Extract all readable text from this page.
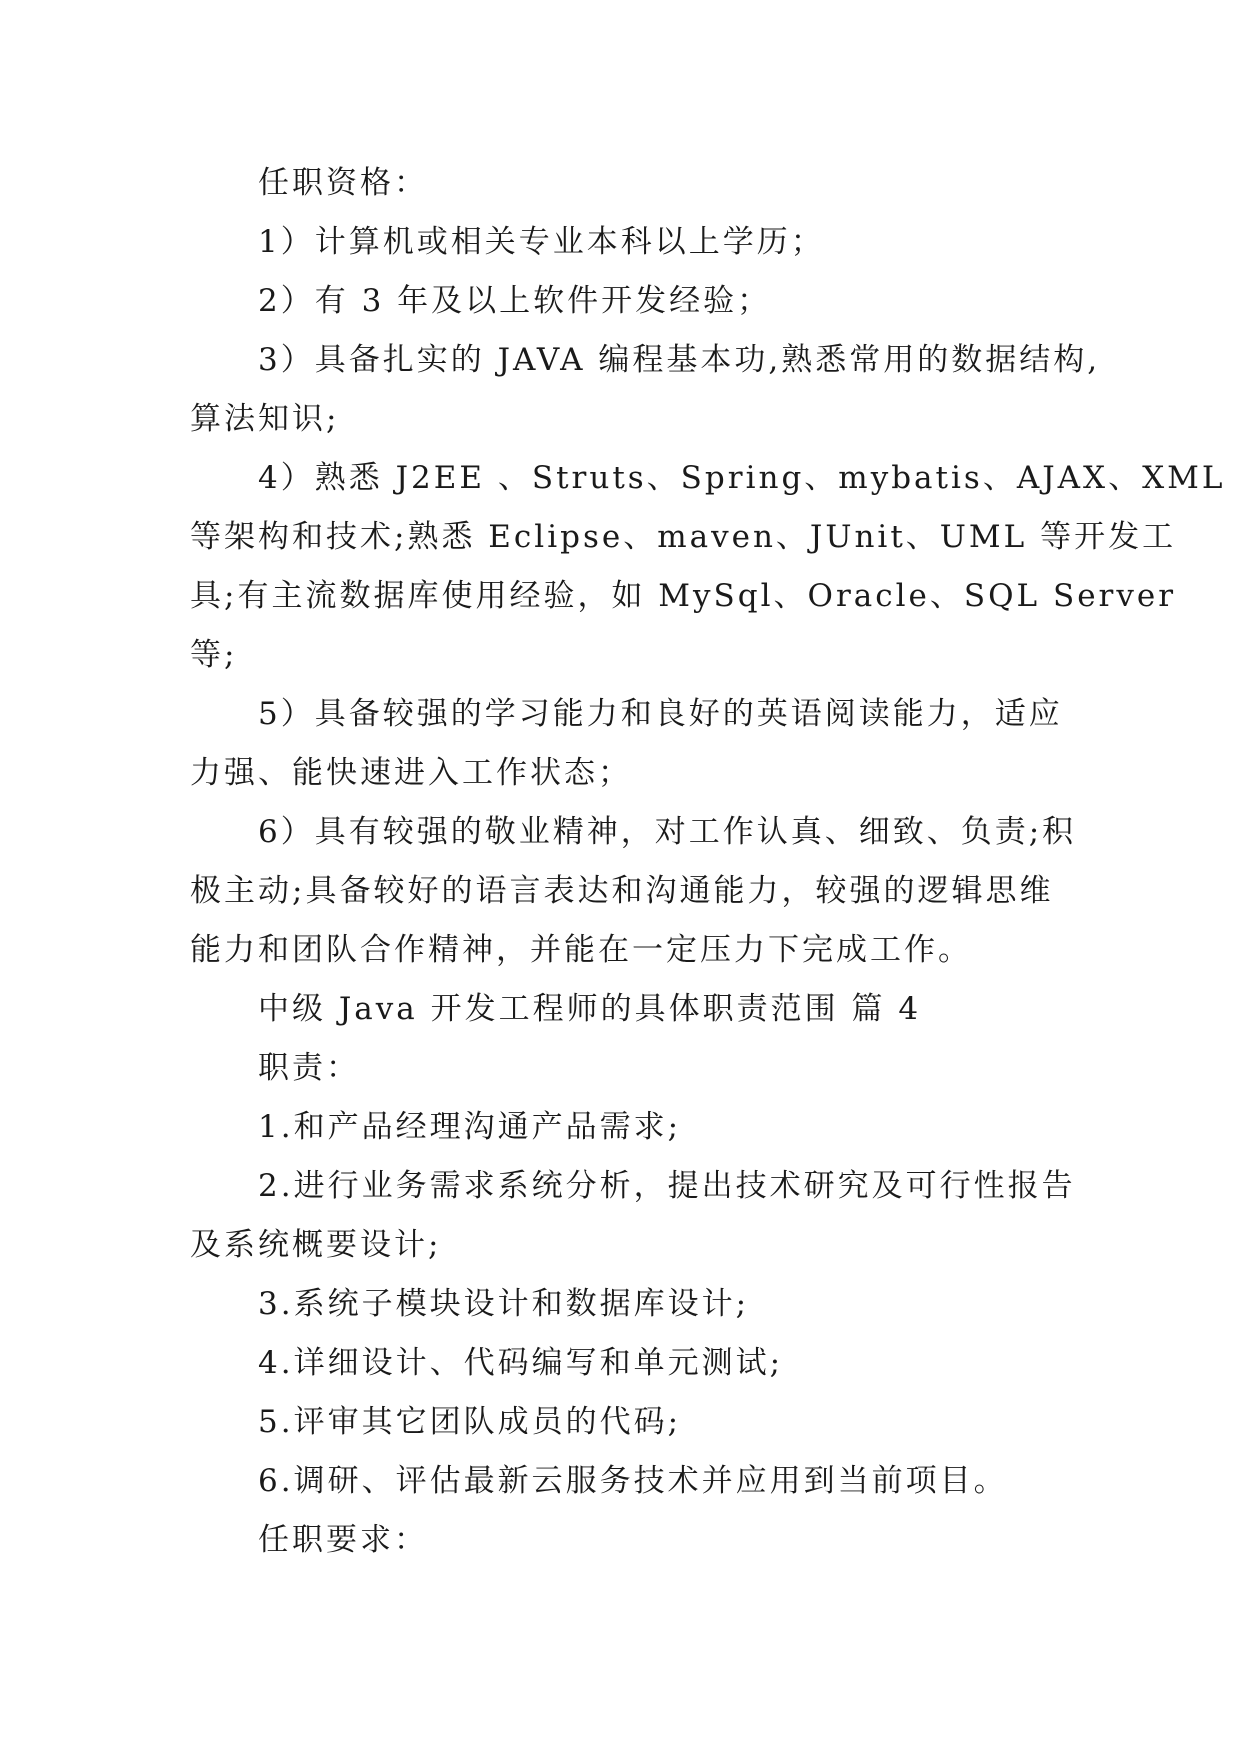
任职资格：
1）计算机或相关专业本科以上学历；
2）有 3 年及以上软件开发经验；
3）具备扎实的 JAVA 编程基本功,熟悉常用的数据结构,
算法知识;
4）熟悉 J2EE 、Struts、Spring、mybatis、AJAX、XML
等架构和技术;熟悉 Eclipse、maven、JUnit、UML 等开发工
具;有主流数据库使用经验，如 MySql、Oracle、SQL Server
等;
5）具备较强的学习能力和良好的英语阅读能力，适应
力强、能快速进入工作状态；
6）具有较强的敬业精神，对工作认真、细致、负责;积
极主动;具备较好的语言表达和沟通能力，较强的逻辑思维
能力和团队合作精神，并能在一定压力下完成工作。
中级 Java 开发工程师的具体职责范围 篇 4
职责：
1.和产品经理沟通产品需求;
2.进行业务需求系统分析，提出技术研究及可行性报告
及系统概要设计;
3.系统子模块设计和数据库设计;
4.详细设计、代码编写和单元测试;
5.评审其它团队成员的代码;
6.调研、评估最新云服务技术并应用到当前项目。
任职要求：
